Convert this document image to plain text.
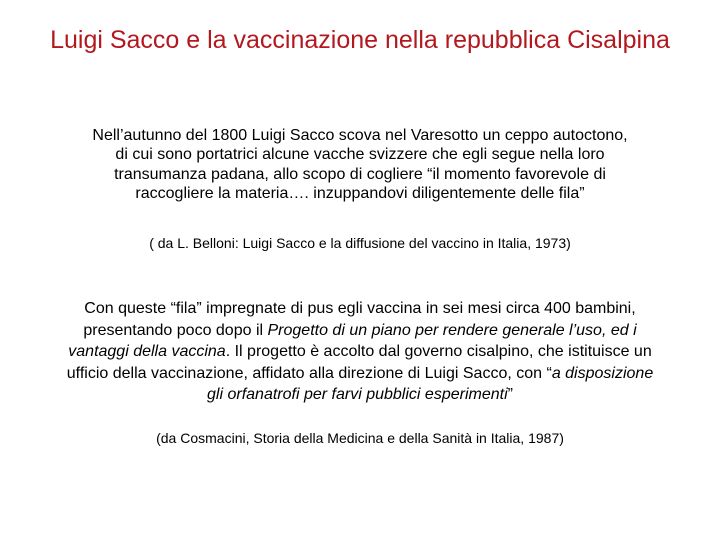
Luigi Sacco e la vaccinazione nella repubblica Cisalpina
Nell’autunno del 1800 Luigi Sacco scova nel Varesotto un ceppo autoctono, di cui sono portatrici alcune vacche svizzere che egli segue nella loro transumanza padana, allo scopo di cogliere “il momento favorevole di raccogliere la materia…. inzuppandovi diligentemente delle fila”
( da L. Belloni: Luigi Sacco e la diffusione del vaccino in Italia, 1973)
Con queste “fila” impregnate di pus egli vaccina in sei mesi circa 400 bambini, presentando poco dopo il Progetto di un piano per rendere generale l’uso, ed i vantaggi della vaccina. Il progetto è accolto dal governo cisalpino, che istituisce un ufficio della vaccinazione, affidato alla direzione di Luigi Sacco, con “a disposizione gli orfanatrofi per farvi pubblici esperimenti”
(da Cosmacini, Storia della Medicina e della Sanità in Italia, 1987)
